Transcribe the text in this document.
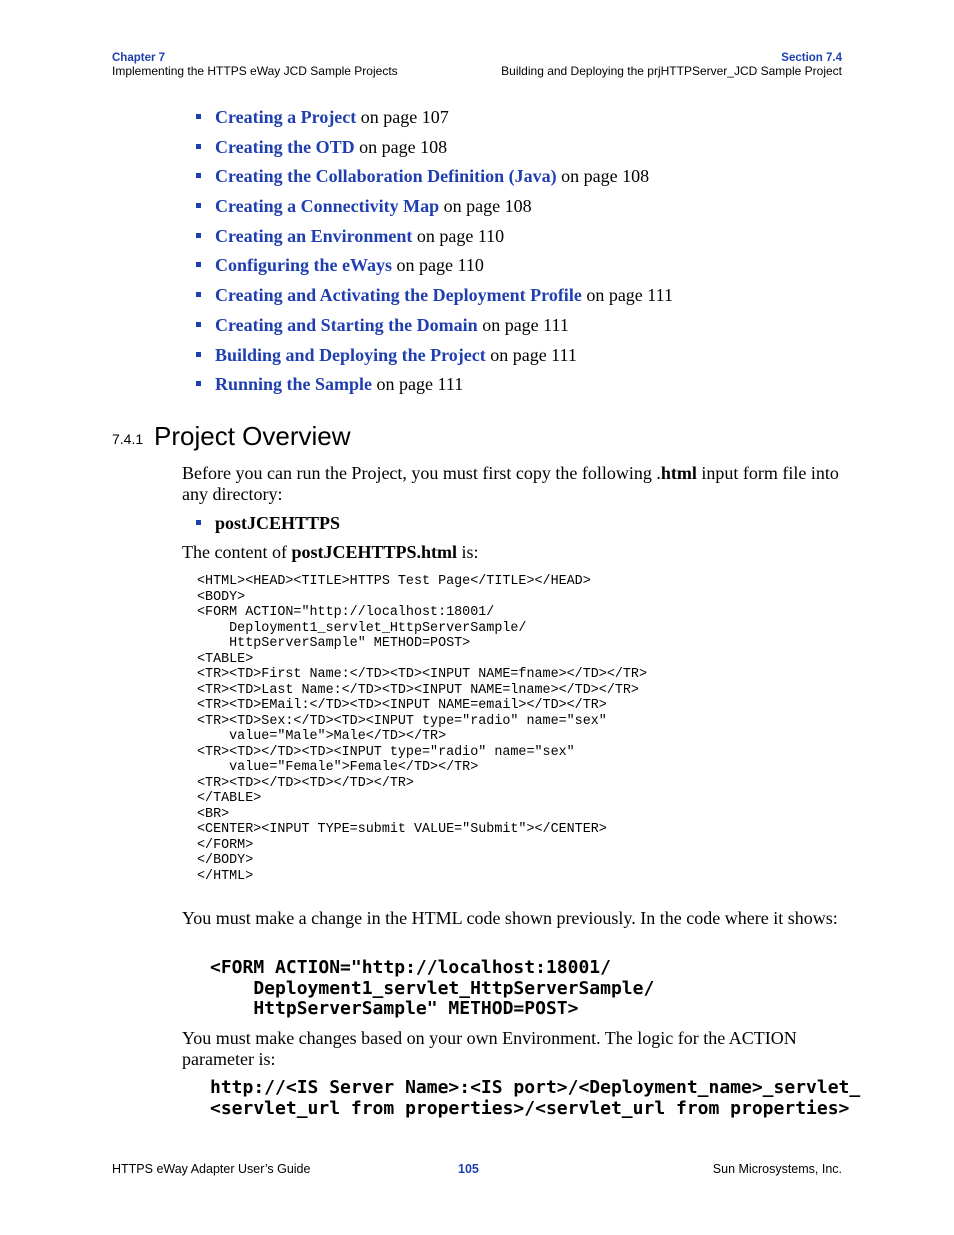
Chapter 7
Implementing the HTTPS eWay JCD Sample Projects
Section 7.4
Building and Deploying the prjHTTPServer_JCD Sample Project
Creating a Project on page 107
Creating the OTD on page 108
Creating the Collaboration Definition (Java) on page 108
Creating a Connectivity Map on page 108
Creating an Environment on page 110
Configuring the eWays on page 110
Creating and Activating the Deployment Profile on page 111
Creating and Starting the Domain on page 111
Building and Deploying the Project on page 111
Running the Sample on page 111
7.4.1 Project Overview

Before you can run the Project, you must first copy the following .html input form file into any directory:

postJCEHTTPS

The content of postJCEHTTPS.html is:

<HTML><HEAD><TITLE>HTTPS Test Page</TITLE></HEAD>
<BODY>
<FORM ACTION="http://localhost:18001/
Deployment1_servlet_HttpServerSample/
HttpServerSample" METHOD=POST>
<TABLE>
<TR><TD>First Name:</TD><TD><INPUT NAME=fname></TD></TR>
<TR><TD>Last Name:</TD><TD><INPUT NAME=lname></TD></TR>
<TR><TD>EMail:</TD><TD><INPUT NAME=email></TD></TR>
<TR><TD>Sex:</TD><TD><INPUT type="radio" name="sex"
value="Male">Male</TD></TR>
<TR><TD></TD><TD><INPUT type="radio" name="sex"
value="Female">Female</TD></TR>
<TR><TD></TD><TD></TD></TR>
</TABLE>
<BR>
<CENTER><INPUT TYPE=submit VALUE="Submit"></CENTER>
</FORM>
</BODY>
</HTML>

You must make a change in the HTML code shown previously. In the code where it shows:

<FORM ACTION="http://localhost:18001/
Deployment1_servlet_HttpServerSample/
HttpServerSample" METHOD=POST>

You must make changes based on your own Environment. The logic for the ACTION parameter is:

http://<IS Server Name>:<IS port>/<Deployment_name>_servlet_
<servlet_url from properties>/<servlet_url from properties>
HTTPS eWay Adapter User’s Guide	105	Sun Microsystems, Inc.
